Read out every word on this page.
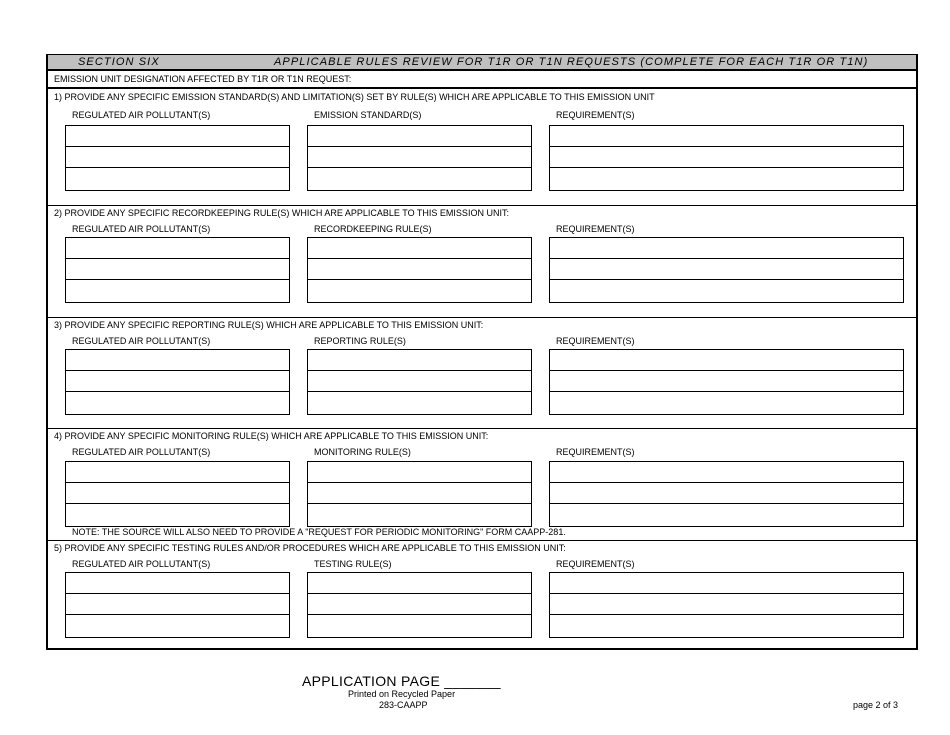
SECTION SIX	APPLICABLE RULES REVIEW FOR T1R OR T1N REQUESTS (COMPLETE FOR EACH T1R OR T1N)
EMISSION UNIT DESIGNATION AFFECTED BY T1R OR T1N REQUEST:
1) PROVIDE ANY SPECIFIC EMISSION STANDARD(S) AND LIMITATION(S) SET BY RULE(S) WHICH ARE APPLICABLE TO THIS EMISSION UNIT
REGULATED AIR POLLUTANT(S)	EMISSION STANDARD(S)	REQUIREMENT(S)
2) PROVIDE ANY SPECIFIC RECORDKEEPING RULE(S) WHICH ARE APPLICABLE TO THIS EMISSION UNIT:
REGULATED AIR POLLUTANT(S)	RECORDKEEPING RULE(S)	REQUIREMENT(S)
3) PROVIDE ANY SPECIFIC REPORTING RULE(S) WHICH ARE APPLICABLE TO THIS EMISSION UNIT:
REGULATED AIR POLLUTANT(S)	REPORTING RULE(S)	REQUIREMENT(S)
4) PROVIDE ANY SPECIFIC MONITORING RULE(S) WHICH ARE APPLICABLE TO THIS EMISSION UNIT:
REGULATED AIR POLLUTANT(S)	MONITORING RULE(S)	REQUIREMENT(S)
NOTE: THE SOURCE WILL ALSO NEED TO PROVIDE A "REQUEST FOR PERIODIC MONITORING" FORM CAAPP-281.
5) PROVIDE ANY SPECIFIC TESTING RULES AND/OR PROCEDURES WHICH ARE APPLICABLE TO THIS EMISSION UNIT:
REGULATED AIR POLLUTANT(S)	TESTING RULE(S)	REQUIREMENT(S)
APPLICATION PAGE _______
Printed on Recycled Paper
283-CAAPP	page 2 of 3
